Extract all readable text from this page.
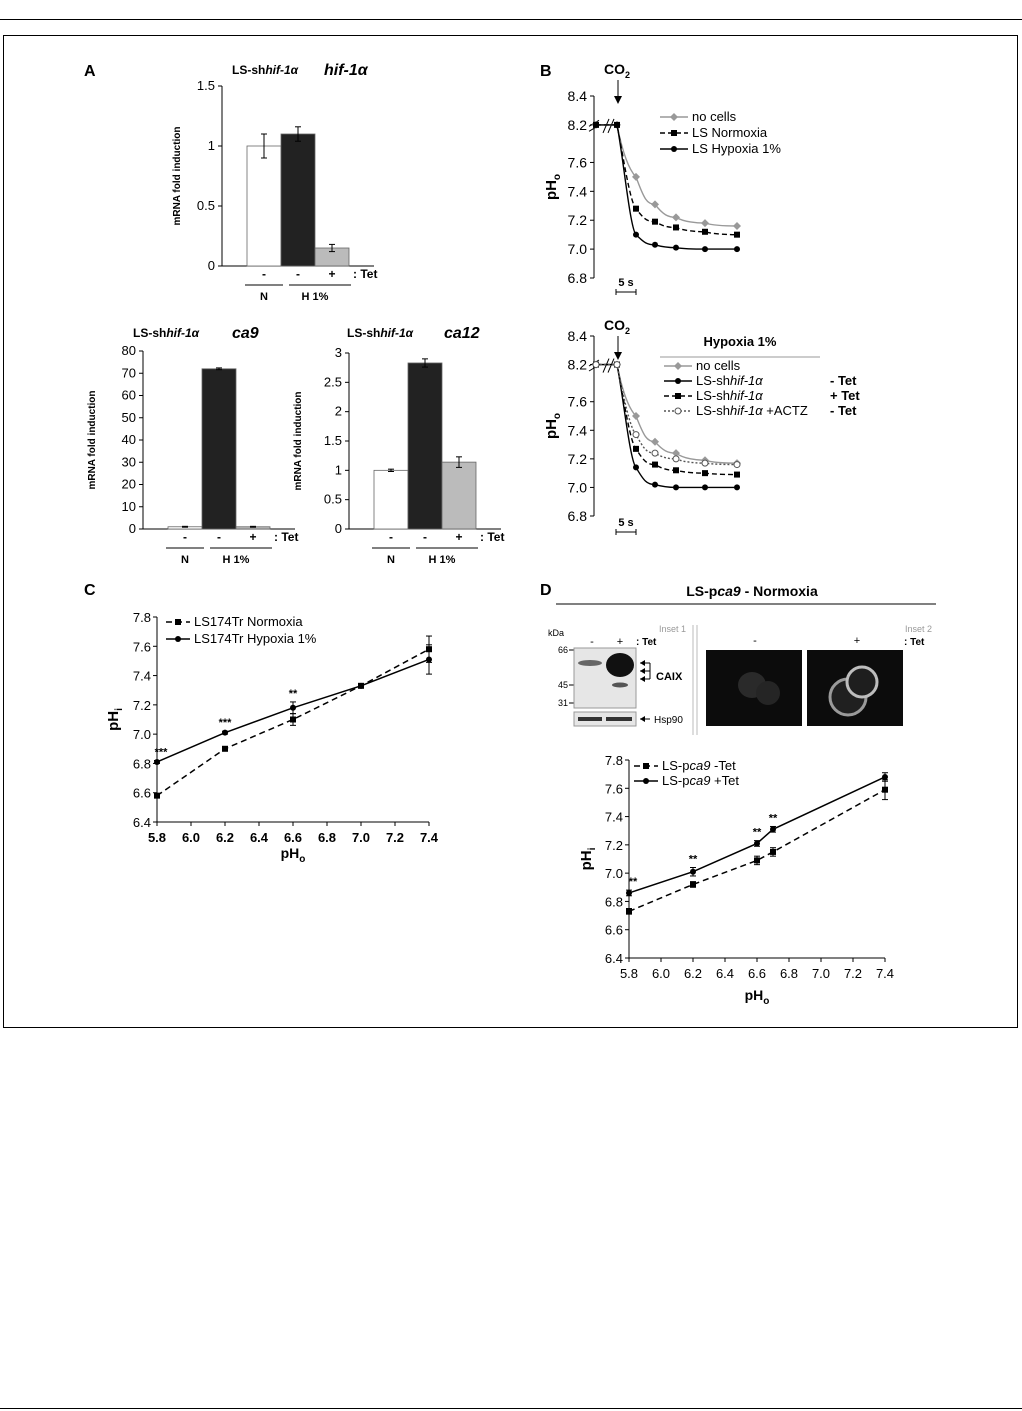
A	B
C	D
LS-shhif-1α hif-1α
0
0.5
1
1.5
mRNA fold induction
-	- + : Tet
N	H 1%
LS-shhif-1α ca9
0
10
20
30
40
50
60
70
80
mRNA fold induction
-	- + : Tet
N	H 1%
LS-shhif-1α ca12
0
0.5
1
1.5
2
2.5
3
mRNA fold induction
-	- + : Tet
N	H 1%
6.8
7.0
7.2
7.4
7.6
8.2
8.4
$pH_o$
$CO_2$
no cells
LS Normoxia
LS Hypoxia 1%
5 s
6.8
7.0
7.2
7.4
7.6
8.2
8.4
$pH_o$
$CO_2$
no cells
LS-shhif-1α	- Tet
LS-shhif-1α	+ Tet
LS-shhif-1α +ACTZ - Tet
Hypoxia 1%
5 s
6.4
6.6
6.8
7.0
7.2
7.4
7.6
7.8
5.8 6.0 6.2 6.4 6.6 6.8 7.0 7.2 7.4
$pH_o$
$pH_i$
LS174Tr Normoxia
LS174Tr Hypoxia 1%
***
***
**
6.4
6.6
6.8
7.0
7.2
7.4
7.6
7.8
5.8 6.0 6.2 6.4 6.6 6.8 7.0 7.2 7.4
$pH_o$
$pH_i$
LS-pca9 -Tet
LS-pca9 +Tet
**
**
**
**
LS-pca9 - Normoxia
Inset 1
kDa
- + : Tet
66
45
31
CAIX
Hsp90
Inset 2
-	+	: Tet
